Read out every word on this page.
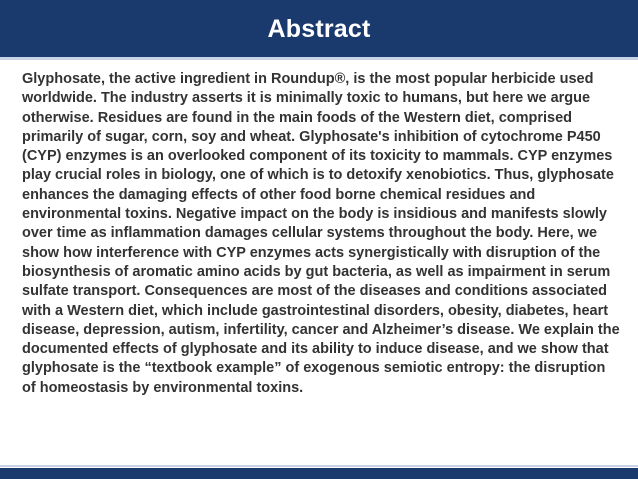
Abstract

Glyphosate, the active ingredient in Roundup®, is the most popular herbicide used worldwide. The industry asserts it is minimally toxic to humans, but here we argue otherwise. Residues are found in the main foods of the Western diet, comprised primarily of sugar, corn, soy and wheat. Glyphosate's inhibition of cytochrome P450 (CYP) enzymes is an overlooked component of its toxicity to mammals. CYP enzymes play crucial roles in biology, one of which is to detoxify xenobiotics. Thus, glyphosate enhances the damaging effects of other food borne chemical residues and environmental toxins. Negative impact on the body is insidious and manifests slowly over time as inflammation damages cellular systems throughout the body. Here, we show how interference with CYP enzymes acts synergistically with disruption of the biosynthesis of aromatic amino acids by gut bacteria, as well as impairment in serum sulfate transport. Consequences are most of the diseases and conditions associated with a Western diet, which include gastrointestinal disorders, obesity, diabetes, heart disease, depression, autism, infertility, cancer and Alzheimer’s disease. We explain the documented effects of glyphosate and its ability to induce disease, and we show that glyphosate is the “textbook example” of exogenous semiotic entropy: the disruption of homeostasis by environmental toxins.
